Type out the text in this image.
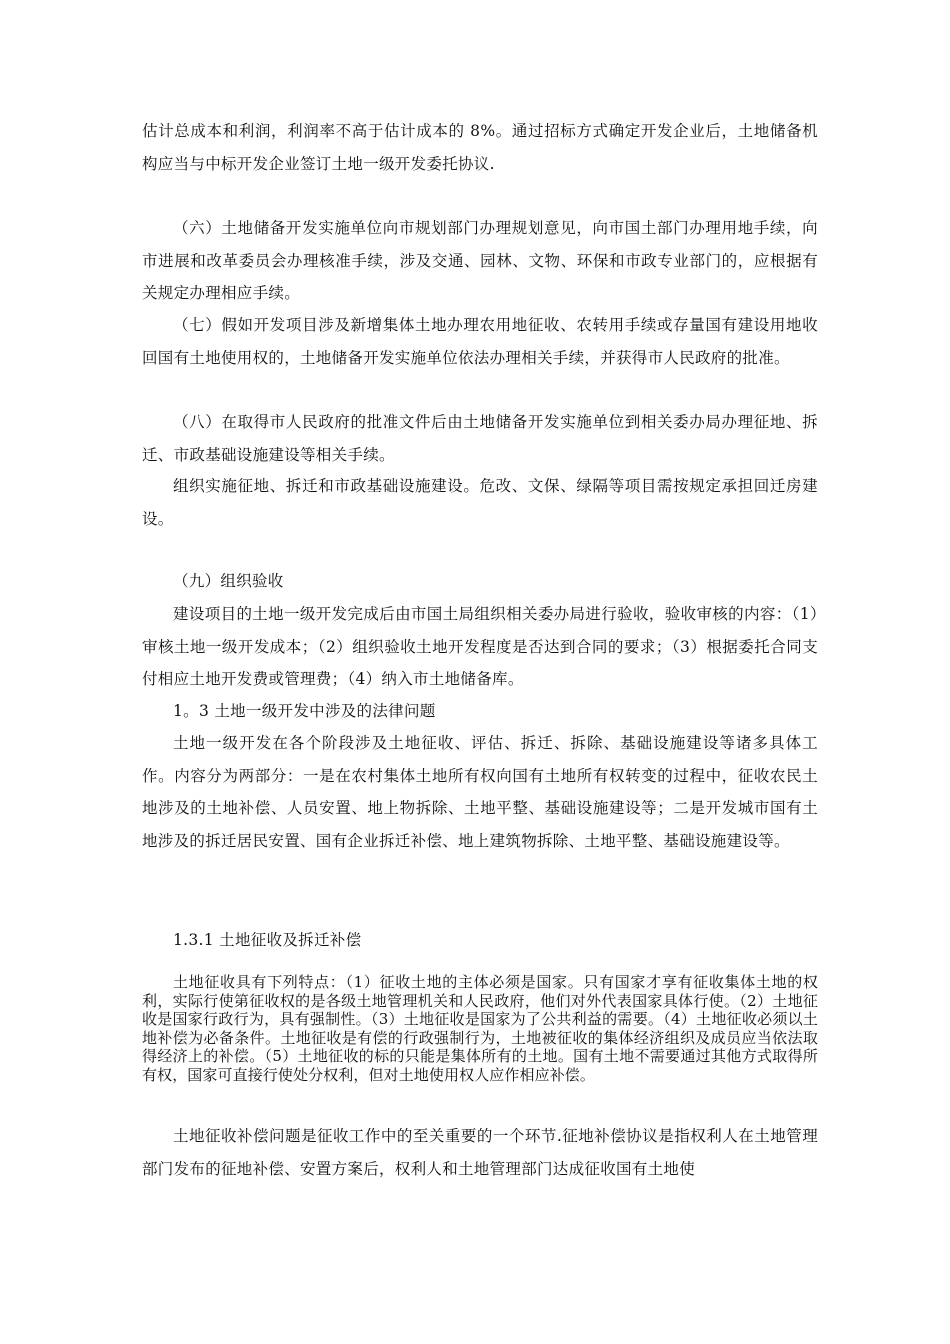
估计总成本和利润，利润率不高于估计成本的 8%。通过招标方式确定开发企业后，土地储备机构应当与中标开发企业签订土地一级开发委托协议.

（六）土地储备开发实施单位向市规划部门办理规划意见，向市国土部门办理用地手续，向市进展和改革委员会办理核准手续，涉及交通、园林、文物、环保和市政专业部门的，应根据有关规定办理相应手续。

（七）假如开发项目涉及新增集体土地办理农用地征收、农转用手续或存量国有建设用地收回国有土地使用权的，土地储备开发实施单位依法办理相关手续，并获得市人民政府的批准。

（八）在取得市人民政府的批准文件后由土地储备开发实施单位到相关委办局办理征地、拆迁、市政基础设施建设等相关手续。

组织实施征地、拆迁和市政基础设施建设。危改、文保、绿隔等项目需按规定承担回迁房建设。

（九）组织验收

建设项目的土地一级开发完成后由市国土局组织相关委办局进行验收，验收审核的内容：（1）审核土地一级开发成本；（2）组织验收土地开发程度是否达到合同的要求；（3）根据委托合同支付相应土地开发费或管理费；（4）纳入市土地储备库。

1。3 土地一级开发中涉及的法律问题

土地一级开发在各个阶段涉及土地征收、评估、拆迁、拆除、基础设施建设等诸多具体工作。内容分为两部分：一是在农村集体土地所有权向国有土地所有权转变的过程中，征收农民土地涉及的土地补偿、人员安置、地上物拆除、土地平整、基础设施建设等；二是开发城市国有土地涉及的拆迁居民安置、国有企业拆迁补偿、地上建筑物拆除、土地平整、基础设施建设等。

1.3.1 土地征收及拆迁补偿

土地征收具有下列特点：（1）征收土地的主体必须是国家。只有国家才享有征收集体土地的权利，实际行使第征收权的是各级土地管理机关和人民政府，他们对外代表国家具体行使。（2）土地征收是国家行政行为，具有强制性。（3）土地征收是国家为了公共利益的需要。（4）土地征收必须以土地补偿为必备条件。土地征收是有偿的行政强制行为，土地被征收的集体经济组织及成员应当依法取得经济上的补偿。（5）土地征收的标的只能是集体所有的土地。国有土地不需要通过其他方式取得所有权，国家可直接行使处分权利，但对土地使用权人应作相应补偿。

土地征收补偿问题是征收工作中的至关重要的一个环节.征地补偿协议是指权利人在土地管理部门发布的征地补偿、安置方案后，权利人和土地管理部门达成征收国有土地使
